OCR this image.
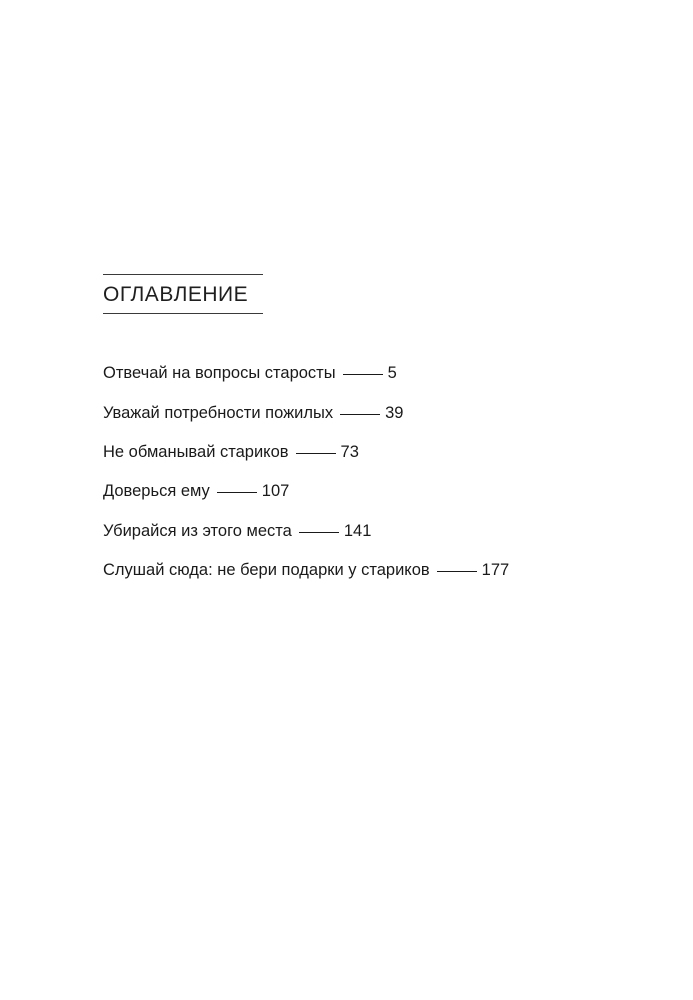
ОГЛАВЛЕНИЕ
Отвечай на вопросы старосты	5
Уважай потребности пожилых	39
Не обманывай стариков	73
Доверься ему	107
Убирайся из этого места	141
Слушай сюда: не бери подарки у стариков	177
